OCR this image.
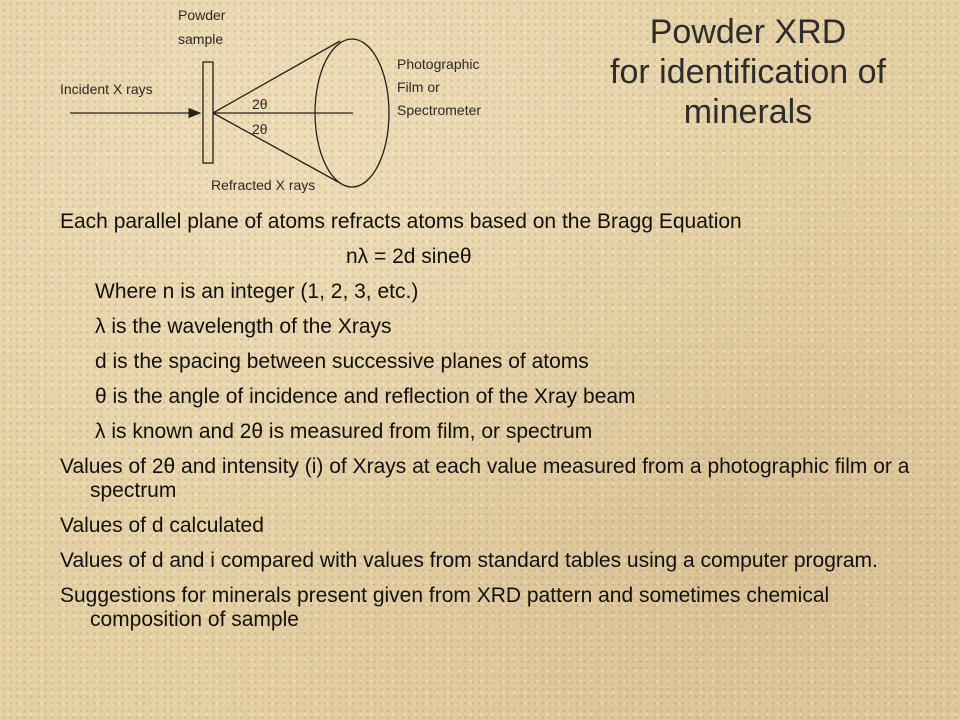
Powder
sample
Incident X rays
Photographic
Film or
Spectrometer
2θ
2θ
Refracted X rays
Powder XRD
for identification of
minerals
Each parallel plane of atoms refracts atoms based on the Bragg Equation
nλ = 2d sineθ
Where n is an integer (1, 2, 3, etc.)
λ is the wavelength of the Xrays
d is the spacing between successive planes of atoms
θ is the angle of incidence and reflection of the Xray beam
λ is known and 2θ is measured from film, or spectrum
Values of 2θ and intensity (i) of Xrays at each value measured from a photographic film or a spectrum
Values of d calculated
Values of d and i compared with values from standard tables using a computer program.
Suggestions for minerals present given from XRD pattern and sometimes chemical composition of sample
